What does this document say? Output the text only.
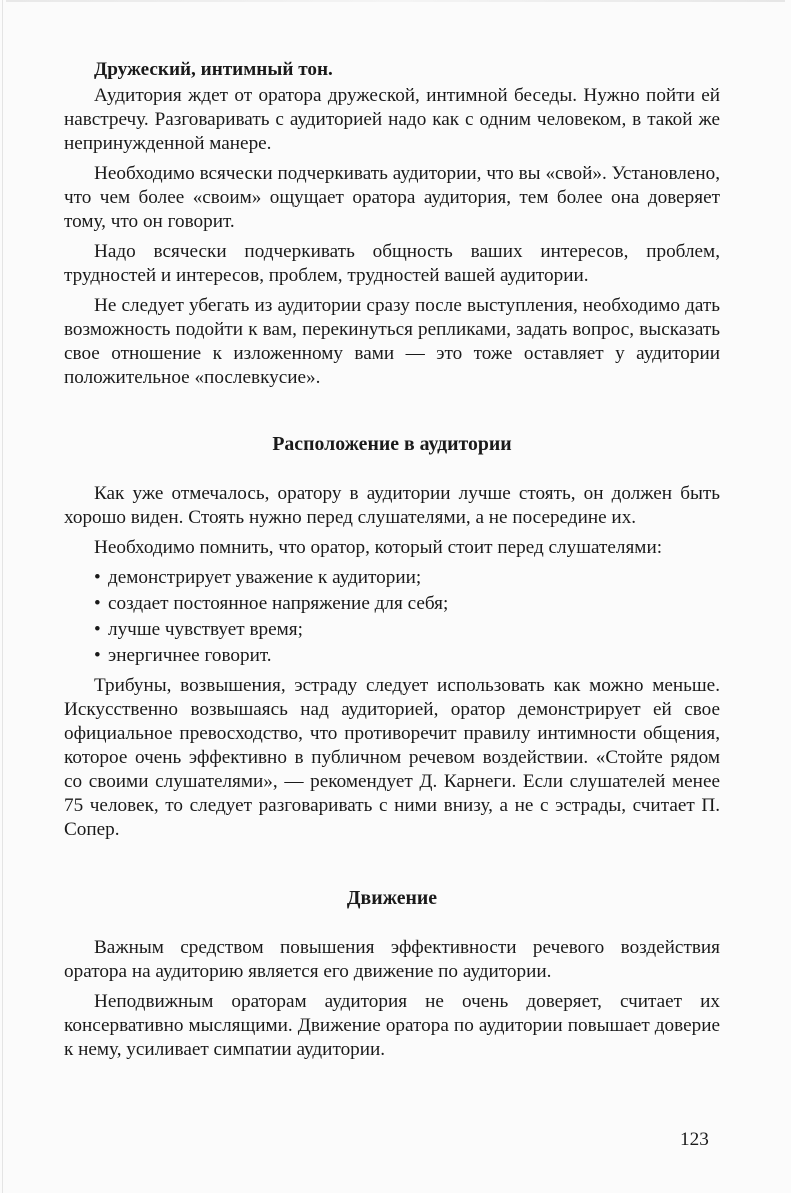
Дружеский, интимный тон.

Аудитория ждет от оратора дружеской, интимной беседы. Нужно пойти ей навстречу. Разговаривать с аудиторией надо как с одним человеком, в такой же непринужденной манере.

Необходимо всячески подчеркивать аудитории, что вы «свой». Установлено, что чем более «своим» ощущает оратора аудитория, тем более она доверяет тому, что он говорит.

Надо всячески подчеркивать общность ваших интересов, проблем, трудностей и интересов, проблем, трудностей вашей аудитории.

Не следует убегать из аудитории сразу после выступления, необходимо дать возможность подойти к вам, перекинуться репликами, задать вопрос, высказать свое отношение к изложенному вами — это тоже оставляет у аудитории положительное «послевкусие».

Расположение в аудитории

Как уже отмечалось, оратору в аудитории лучше стоять, он должен быть хорошо виден. Стоять нужно перед слушателями, а не посередине их.

Необходимо помнить, что оратор, который стоит перед слушателями:

• демонстрирует уважение к аудитории;
• создает постоянное напряжение для себя;
• лучше чувствует время;
• энергичнее говорит.

Трибуны, возвышения, эстраду следует использовать как можно меньше. Искусственно возвышаясь над аудиторией, оратор демонстрирует ей свое официальное превосходство, что противоречит правилу интимности общения, которое очень эффективно в публичном речевом воздействии. «Стойте рядом со своими слушателями», — рекомендует Д. Карнеги. Если слушателей менее 75 человек, то следует разговаривать с ними внизу, а не с эстрады, считает П. Сопер.

Движение

Важным средством повышения эффективности речевого воздействия оратора на аудиторию является его движение по аудитории.

Неподвижным ораторам аудитория не очень доверяет, считает их консервативно мыслящими. Движение оратора по аудитории повышает доверие к нему, усиливает симпатии аудитории.

123
